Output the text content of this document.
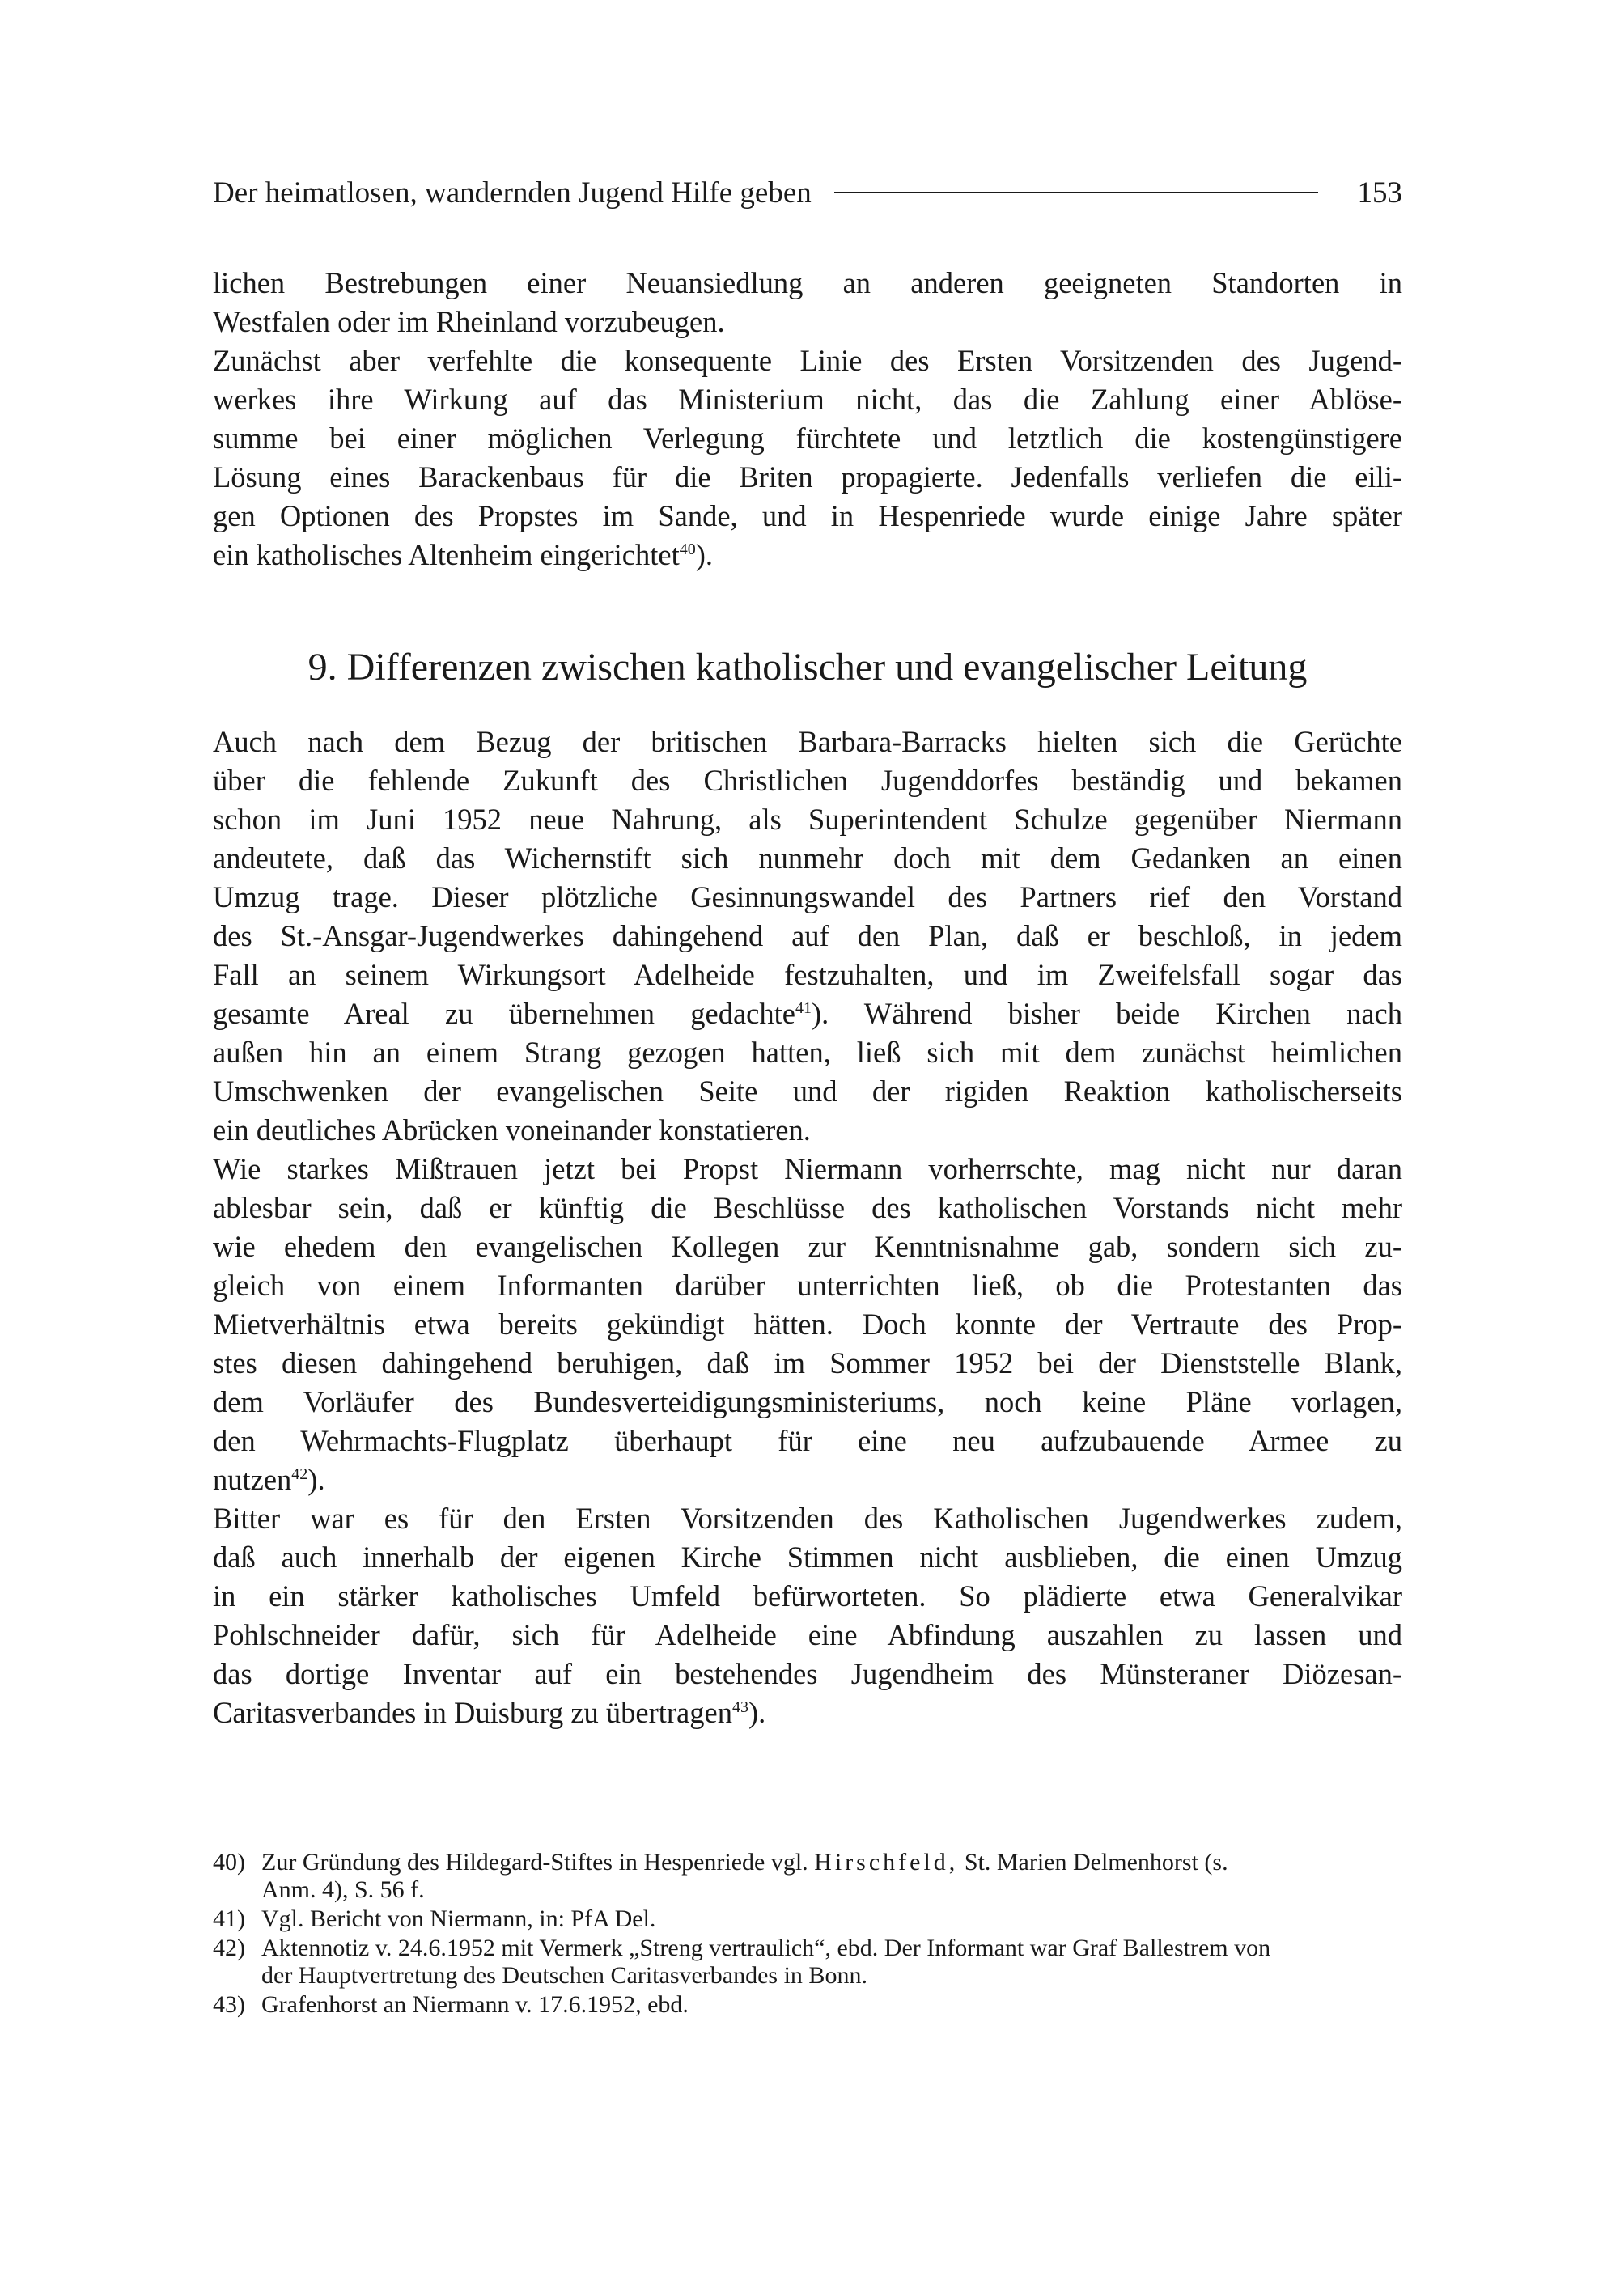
Der heimatlosen, wandernden Jugend Hilfe geben	153
lichen Bestrebungen einer Neuansiedlung an anderen geeigneten Standorten in
Westfalen oder im Rheinland vorzubeugen.
Zunächst aber verfehlte die konsequente Linie des Ersten Vorsitzenden des Jugend-
werkes ihre Wirkung auf das Ministerium nicht, das die Zahlung einer Ablöse-
summe bei einer möglichen Verlegung fürchtete und letztlich die kostengünstigere
Lösung eines Barackenbaus für die Briten propagierte. Jedenfalls verliefen die eili-
gen Optionen des Propstes im Sande, und in Hespenriede wurde einige Jahre später
ein katholisches Altenheim eingerichtet$^{40}$).
9. Differenzen zwischen katholischer und evangelischer Leitung
Auch nach dem Bezug der britischen Barbara-Barracks hielten sich die Gerüchte
über die fehlende Zukunft des Christlichen Jugenddorfes beständig und bekamen
schon im Juni 1952 neue Nahrung, als Superintendent Schulze gegenüber Niermann
andeutete, daß das Wichernstift sich nunmehr doch mit dem Gedanken an einen
Umzug trage. Dieser plötzliche Gesinnungswandel des Partners rief den Vorstand
des St.-Ansgar-Jugendwerkes dahingehend auf den Plan, daß er beschloß, in jedem
Fall an seinem Wirkungsort Adelheide festzuhalten, und im Zweifelsfall sogar das
gesamte Areal zu übernehmen gedachte$^{41}$). Während bisher beide Kirchen nach
außen hin an einem Strang gezogen hatten, ließ sich mit dem zunächst heimlichen
Umschwenken der evangelischen Seite und der rigiden Reaktion katholischerseits
ein deutliches Abrücken voneinander konstatieren.
Wie starkes Mißtrauen jetzt bei Propst Niermann vorherrschte, mag nicht nur daran
ablesbar sein, daß er künftig die Beschlüsse des katholischen Vorstands nicht mehr
wie ehedem den evangelischen Kollegen zur Kenntnisnahme gab, sondern sich zu-
gleich von einem Informanten darüber unterrichten ließ, ob die Protestanten das
Mietverhältnis etwa bereits gekündigt hätten. Doch konnte der Vertraute des Prop-
stes diesen dahingehend beruhigen, daß im Sommer 1952 bei der Dienststelle Blank,
dem Vorläufer des Bundesverteidigungsministeriums, noch keine Pläne vorlagen,
den Wehrmachts-Flugplatz überhaupt für eine neu aufzubauende Armee zu
nutzen$^{42}$).
Bitter war es für den Ersten Vorsitzenden des Katholischen Jugendwerkes zudem,
daß auch innerhalb der eigenen Kirche Stimmen nicht ausblieben, die einen Umzug
in ein stärker katholisches Umfeld befürworteten. So plädierte etwa Generalvikar
Pohlschneider dafür, sich für Adelheide eine Abfindung auszahlen zu lassen und
das dortige Inventar auf ein bestehendes Jugendheim des Münsteraner Diözesan-
Caritasverbandes in Duisburg zu übertragen$^{43}$).
40) Zur Gründung des Hildegard-Stiftes in Hespenriede vgl. Hirschfeld, St. Marien Delmenhorst (s.
Anm. 4), S. 56 f.
41) Vgl. Bericht von Niermann, in: PfA Del.
42) Aktennotiz v. 24.6.1952 mit Vermerk „Streng vertraulich“, ebd. Der Informant war Graf Ballestrem von
der Hauptvertretung des Deutschen Caritasverbandes in Bonn.
43) Grafenhorst an Niermann v. 17.6.1952, ebd.
